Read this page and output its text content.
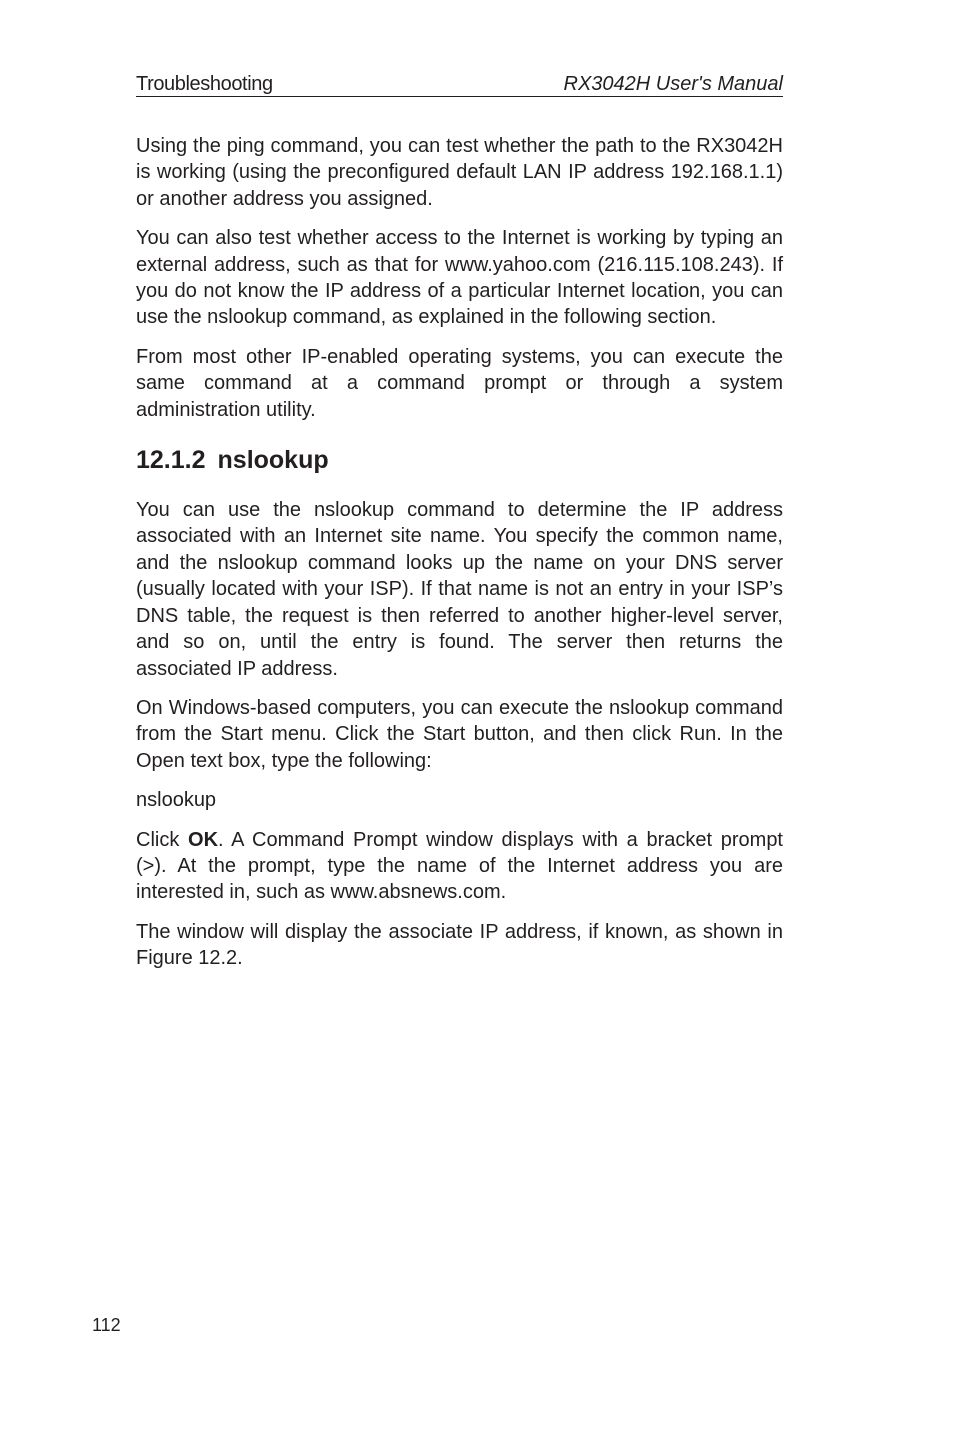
Troubleshooting	RX3042H User's Manual

Using the ping command, you can test whether the path to the RX3042H is working (using the preconfigured default LAN IP address 192.168.1.1) or another address you assigned.

You can also test whether access to the Internet is working by typing an external address, such as that for www.yahoo.com (216.115.108.243). If you do not know the IP address of a particular Internet location, you can use the nslookup command, as explained in the following section.

From most other IP-enabled operating systems, you can execute the same command at a command prompt or through a system administration utility.

12.1.2 nslookup

You can use the nslookup command to determine the IP address associated with an Internet site name. You specify the common name, and the nslookup command looks up the name on your DNS server (usually located with your ISP). If that name is not an entry in your ISP’s DNS table, the request is then referred to another higher-level server, and so on, until the entry is found. The server then returns the associated IP address.

On Windows-based computers, you can execute the nslookup command from the Start menu. Click the Start button, and then click Run. In the Open text box, type the following:

nslookup

Click OK. A Command Prompt window displays with a bracket prompt (>). At the prompt, type the name of the Internet address you are interested in, such as www.absnews.com.

The window will display the associate IP address, if known, as shown in Figure 12.2.

112
